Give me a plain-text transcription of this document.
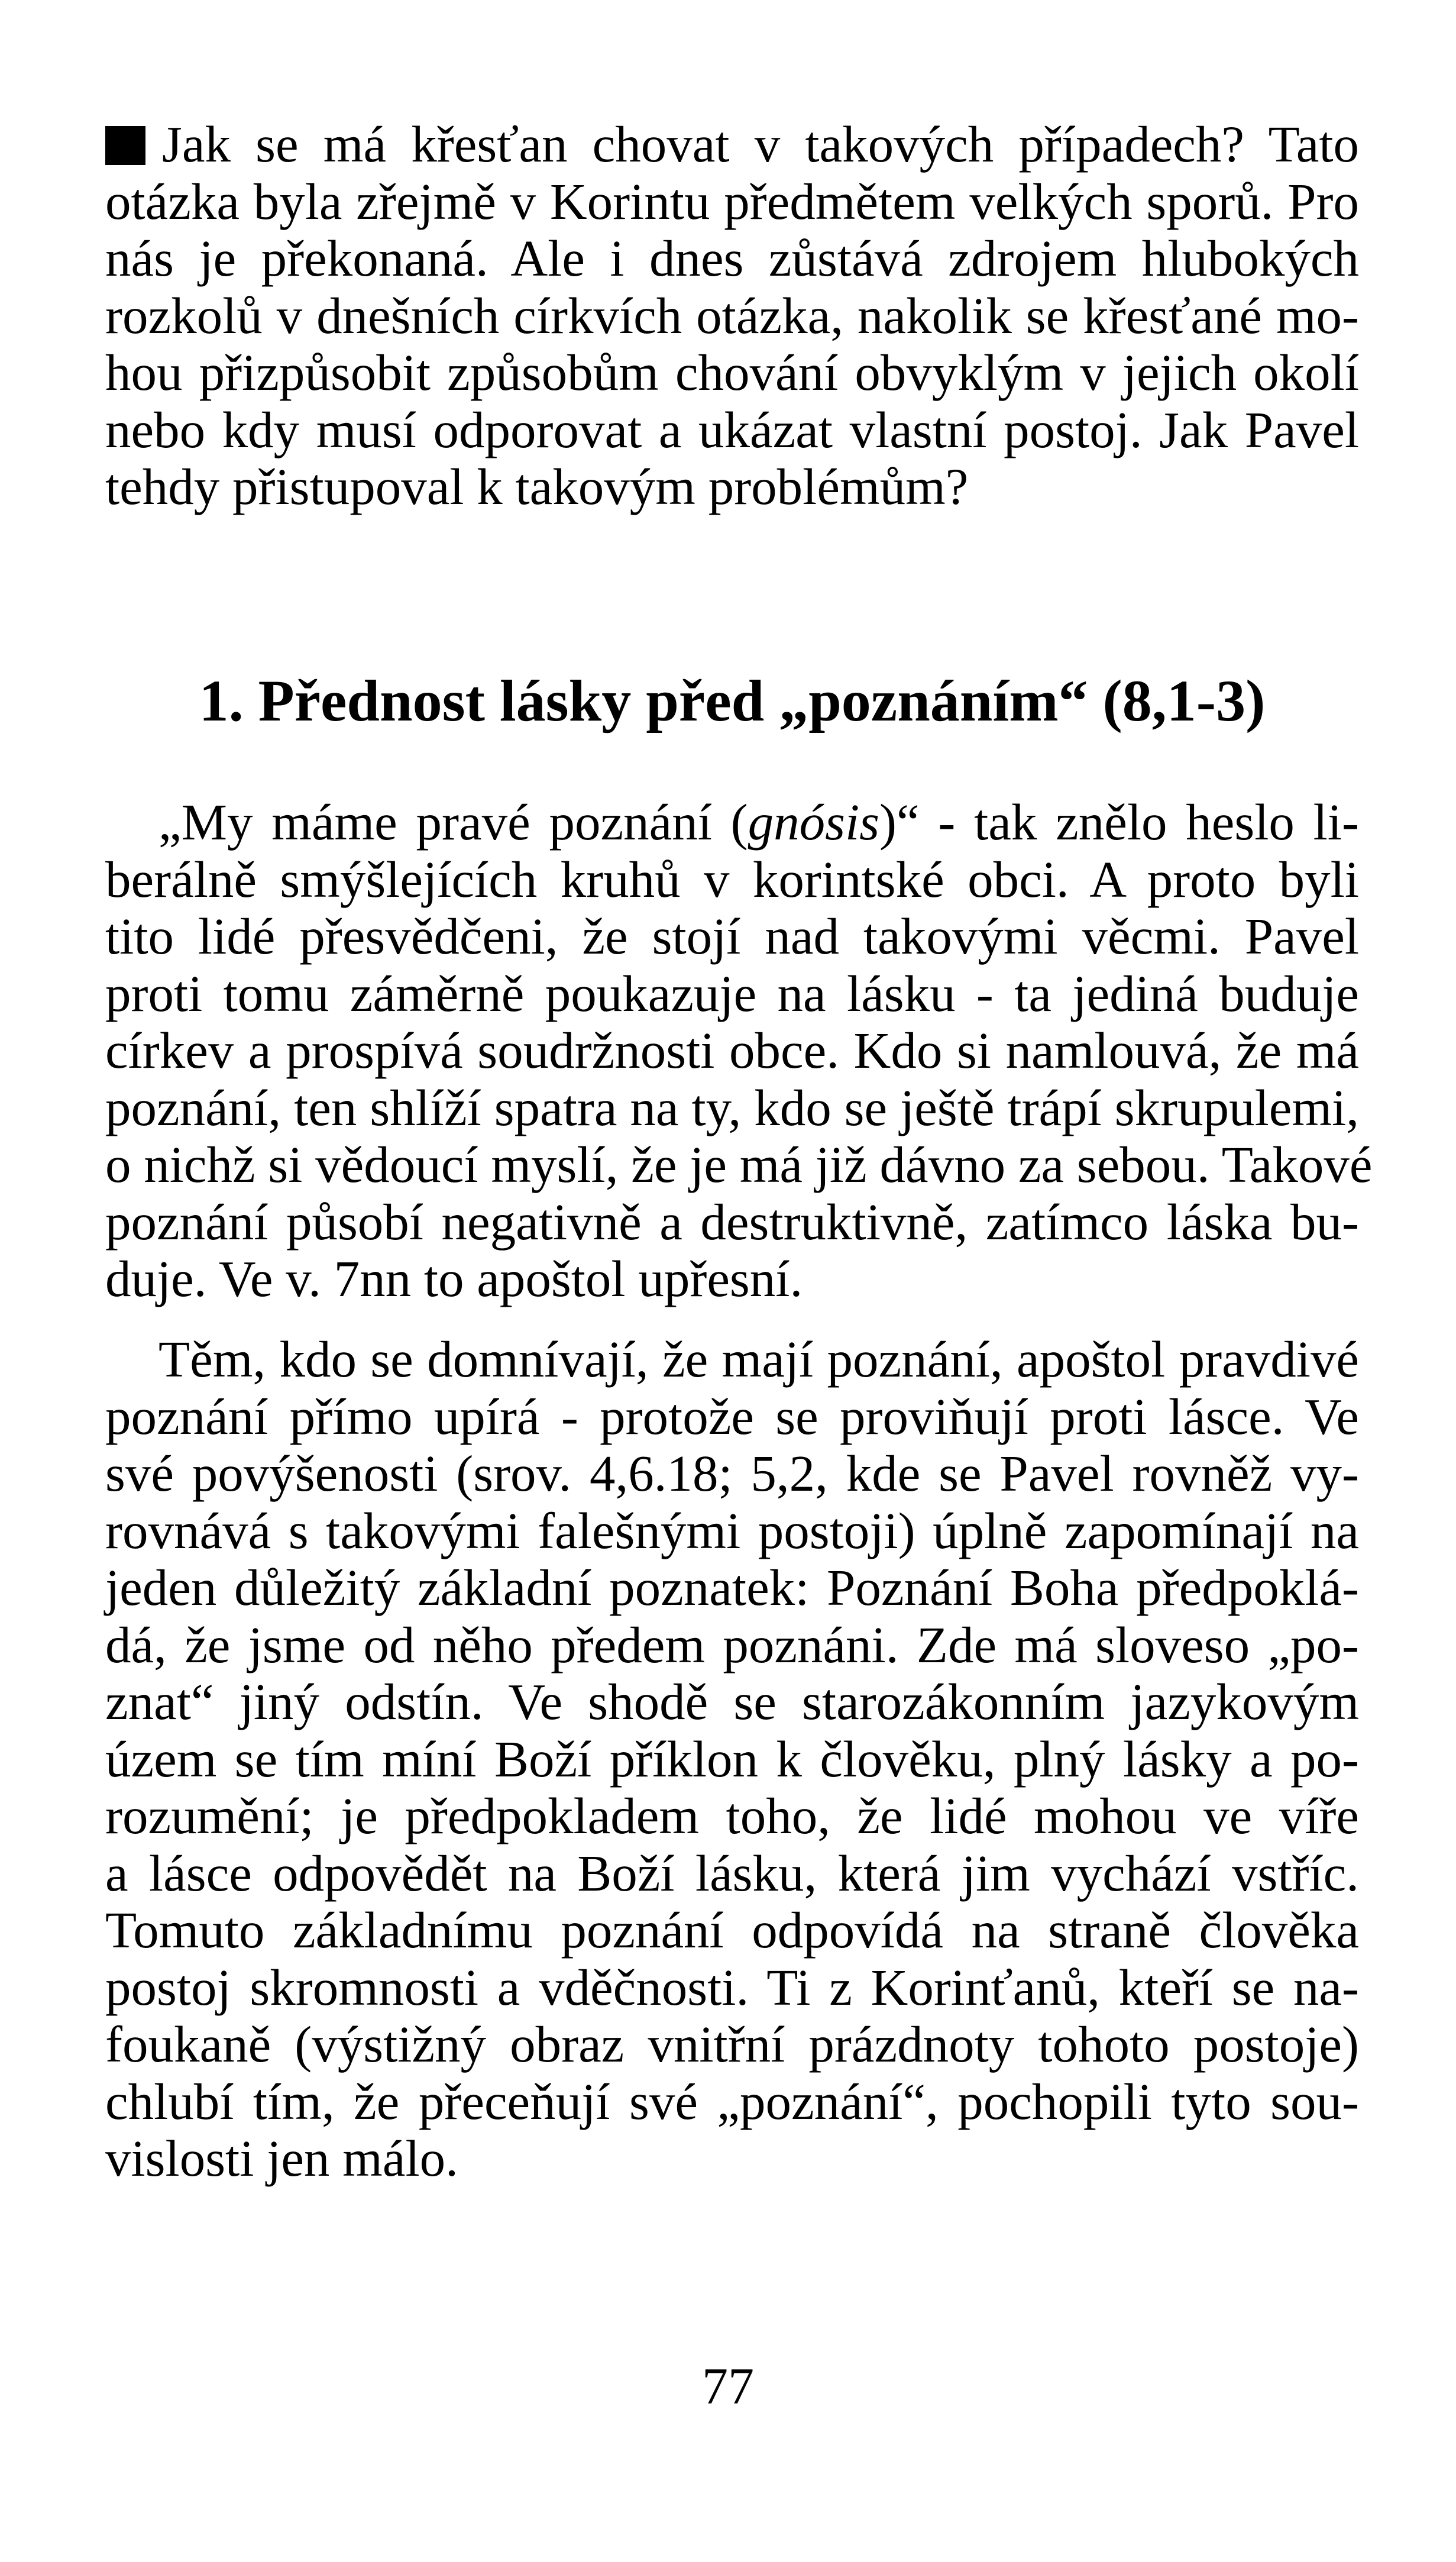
Jak se má křesťan chovat v takových případech? Tato
otázka byla zřejmě v Korintu předmětem velkých sporů. Pro
nás je překonaná. Ale i dnes zůstává zdrojem hlubokých
rozkolů v dnešních církvích otázka, nakolik se křesťané mo-
hou přizpůsobit způsobům chování obvyklým v jejich okolí
nebo kdy musí odporovat a ukázat vlastní postoj. Jak Pavel
tehdy přistupoval k takovým problémům?
1. Přednost lásky před „poznáním“ (8,1-3)
„My máme pravé poznání (gnósis)“ - tak znělo heslo li-
berálně smýšlejících kruhů v korintské obci. A proto byli
tito lidé přesvědčeni, že stojí nad takovými věcmi. Pavel
proti tomu záměrně poukazuje na lásku - ta jediná buduje
církev a prospívá soudržnosti obce. Kdo si namlouvá, že má
poznání, ten shlíží spatra na ty, kdo se ještě trápí skrupulemi,
o nichž si vědoucí myslí, že je má již dávno za sebou. Takové
poznání působí negativně a destruktivně, zatímco láska bu-
duje. Ve v. 7nn to apoštol upřesní.
Těm, kdo se domnívají, že mají poznání, apoštol pravdivé
poznání přímo upírá - protože se proviňují proti lásce. Ve
své povýšenosti (srov. 4,6.18; 5,2, kde se Pavel rovněž vy-
rovnává s takovými falešnými postoji) úplně zapomínají na
jeden důležitý základní poznatek: Poznání Boha předpoklá-
dá, že jsme od něho předem poznáni. Zde má sloveso „po-
znat“ jiný odstín. Ve shodě se starozákonním jazykovým
územ se tím míní Boží příklon k člověku, plný lásky a po-
rozumění; je předpokladem toho, že lidé mohou ve víře
a lásce odpovědět na Boží lásku, která jim vychází vstříc.
Tomuto základnímu poznání odpovídá na straně člověka
postoj skromnosti a vděčnosti. Ti z Korinťanů, kteří se na-
foukaně (výstižný obraz vnitřní prázdnoty tohoto postoje)
chlubí tím, že přeceňují své „poznání“, pochopili tyto sou-
vislosti jen málo.
77
